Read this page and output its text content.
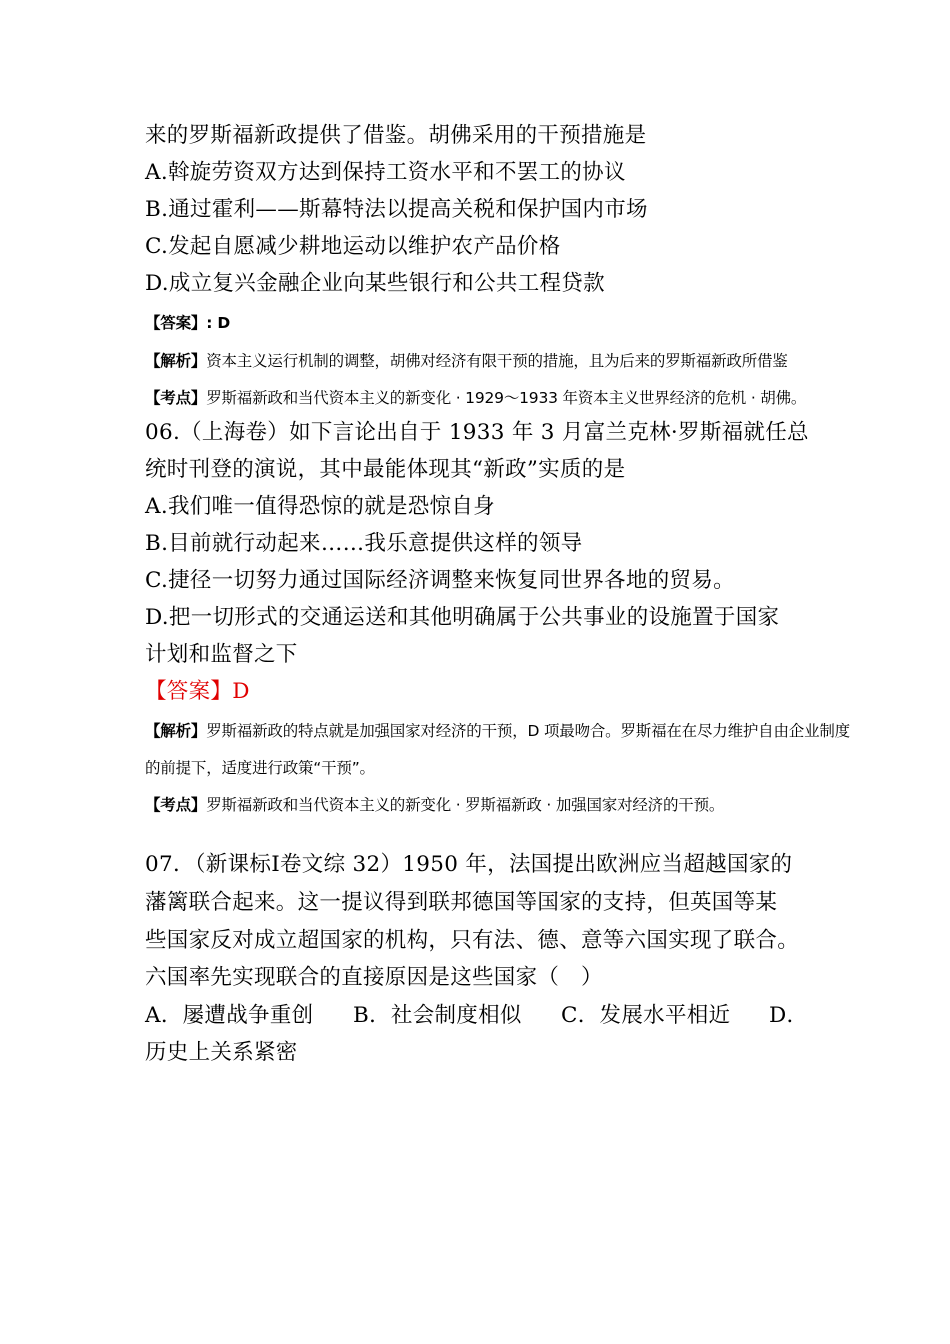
来的罗斯福新政提供了借鉴。胡佛采用的干预措施是
A.斡旋劳资双方达到保持工资水平和不罢工的协议
B.通过霍利——斯幕特法以提高关税和保护国内市场
C.发起自愿减少耕地运动以维护农产品价格
D.成立复兴金融企业向某些银行和公共工程贷款
【答案】: D
【解析】资本主义运行机制的调整，胡佛对经济有限干预的措施，且为后来的罗斯福新政所借鉴
【考点】罗斯福新政和当代资本主义的新变化 · 1929～1933 年资本主义世界经济的危机 · 胡佛。
06.（上海卷）如下言论出自于 1933 年 3 月富兰克林·罗斯福就任总
统时刊登的演说，其中最能体现其“新政”实质的是
A.我们唯一值得恐惊的就是恐惊自身
B.目前就行动起来……我乐意提供这样的领导
C.捷径一切努力通过国际经济调整来恢复同世界各地的贸易。
D.把一切形式的交通运送和其他明确属于公共事业的设施置于国家
计划和监督之下
【答案】D
【解析】罗斯福新政的特点就是加强国家对经济的干预，D 项最吻合。罗斯福在在尽力维护自由企业制度
的前提下，适度进行政策“干预”。
【考点】罗斯福新政和当代资本主义的新变化 · 罗斯福新政 · 加强国家对经济的干预。
07．（新课标Ⅰ卷文综 32）1950 年，法国提出欧洲应当超越国家的
藩篱联合起来。这一提议得到联邦德国等国家的支持，但英国等某
些国家反对成立超国家的机构，只有法、德、意等六国实现了联合。
六国率先实现联合的直接原因是这些国家（　）
A．屡遭战争重创 B．社会制度相似 C．发展水平相近 D．
历史上关系紧密
